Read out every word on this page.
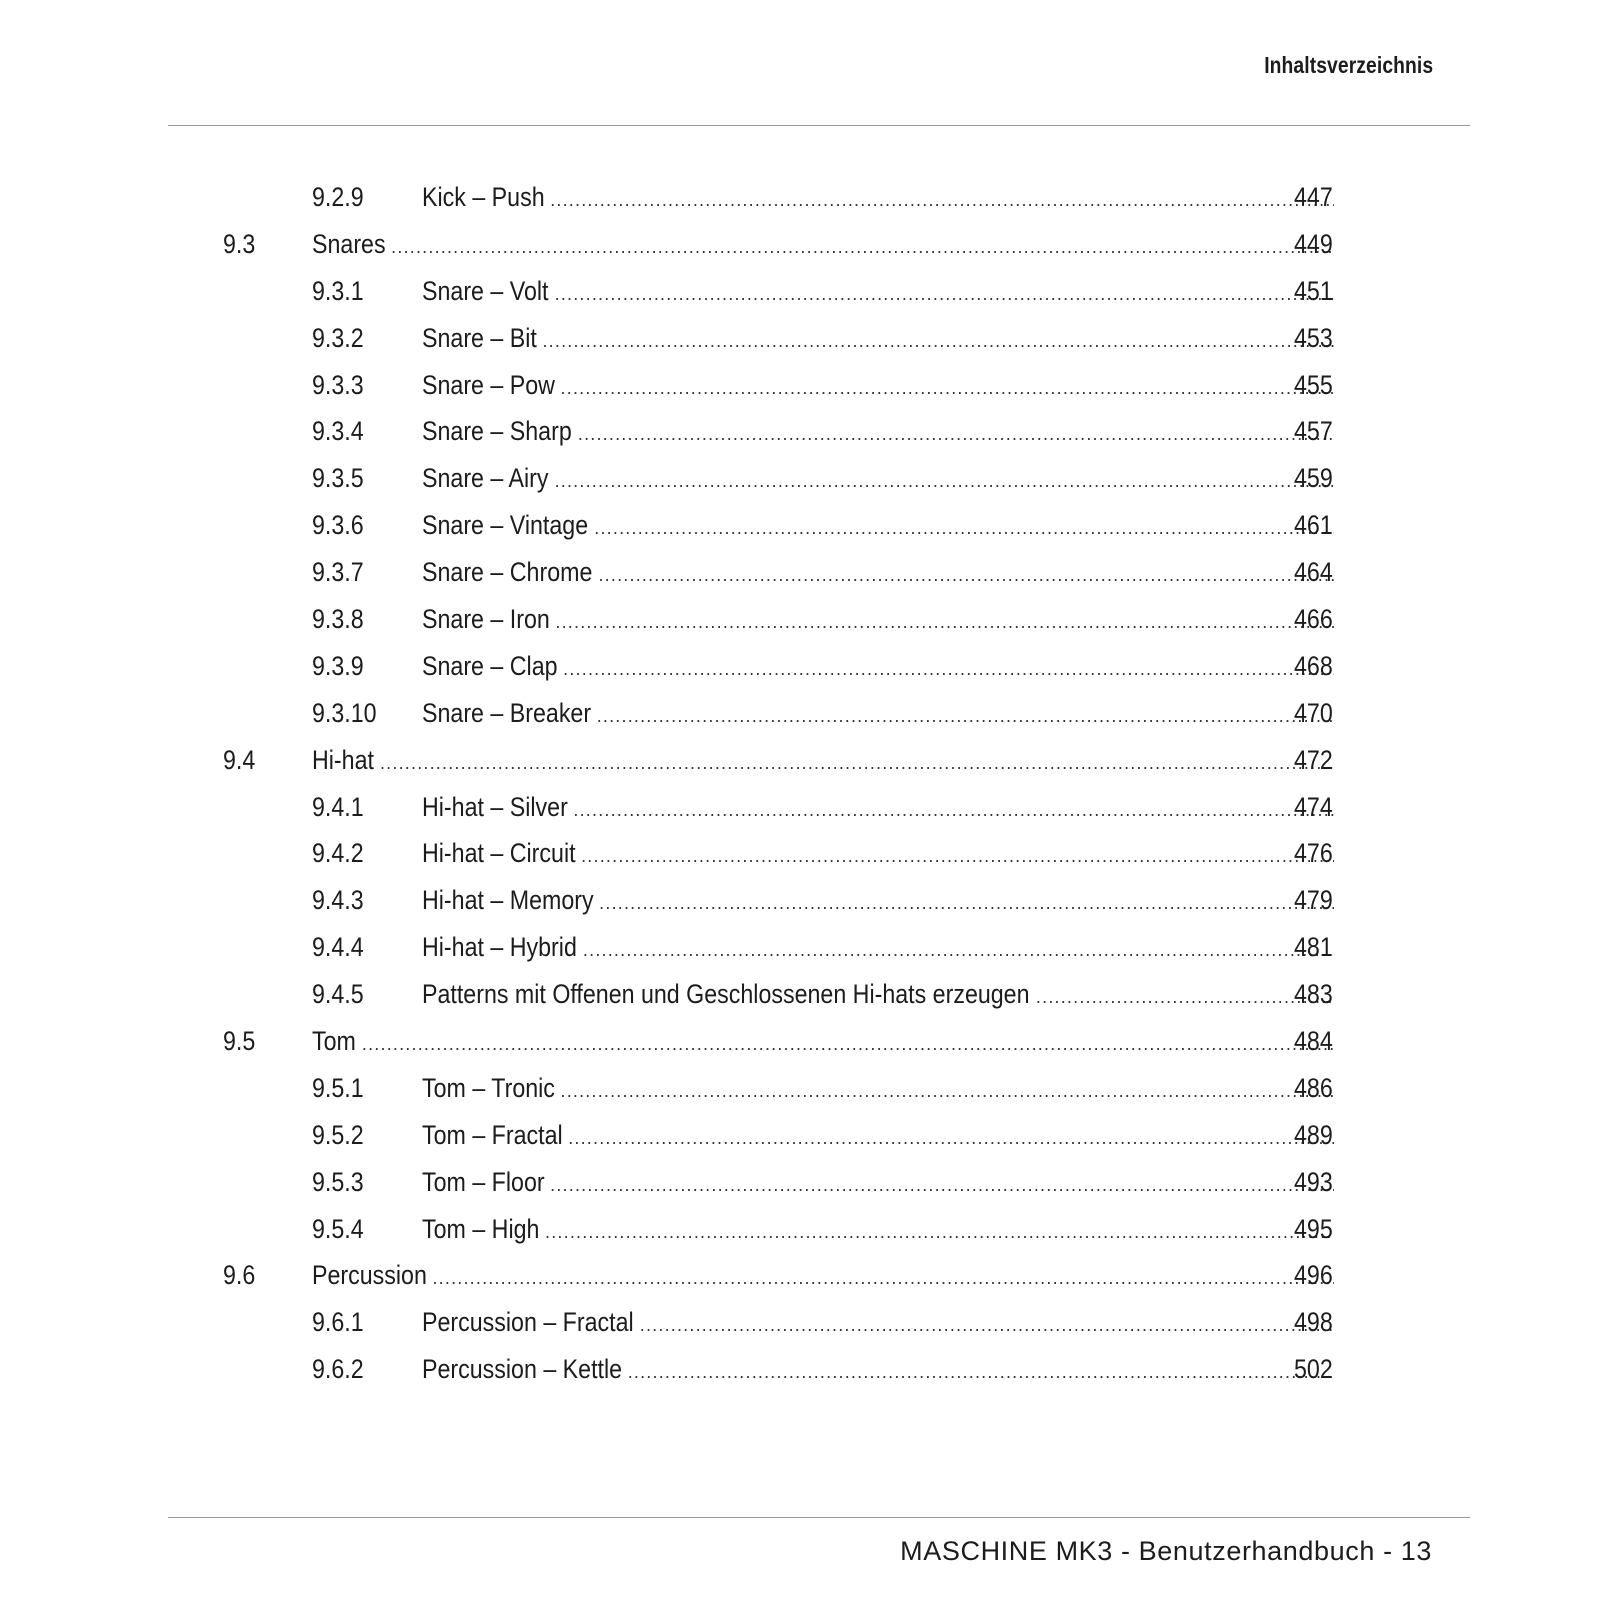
Inhaltsverzeichnis
9.2.9 Kick – Push .....	447
9.3 Snares .....	449
9.3.1 Snare – Volt .....	451
9.3.2 Snare – Bit .....	453
9.3.3 Snare – Pow .....	455
9.3.4 Snare – Sharp .....	457
9.3.5 Snare – Airy .....	459
9.3.6 Snare – Vintage .....	461
9.3.7 Snare – Chrome .....	464
9.3.8 Snare – Iron .....	466
9.3.9 Snare – Clap .....	468
9.3.10 Snare – Breaker .....	470
9.4 Hi-hat .....	472
9.4.1 Hi-hat – Silver .....	474
9.4.2 Hi-hat – Circuit .....	476
9.4.3 Hi-hat – Memory .....	479
9.4.4 Hi-hat – Hybrid .....	481
9.4.5 Patterns mit Offenen und Geschlossenen Hi-hats erzeugen .....	483
9.5 Tom .....	484
9.5.1 Tom – Tronic .....	486
9.5.2 Tom – Fractal .....	489
9.5.3 Tom – Floor .....	493
9.5.4 Tom – High .....	495
9.6 Percussion .....	496
9.6.1 Percussion – Fractal .....	498
9.6.2 Percussion – Kettle .....	502
MASCHINE MK3 - Benutzerhandbuch - 13
